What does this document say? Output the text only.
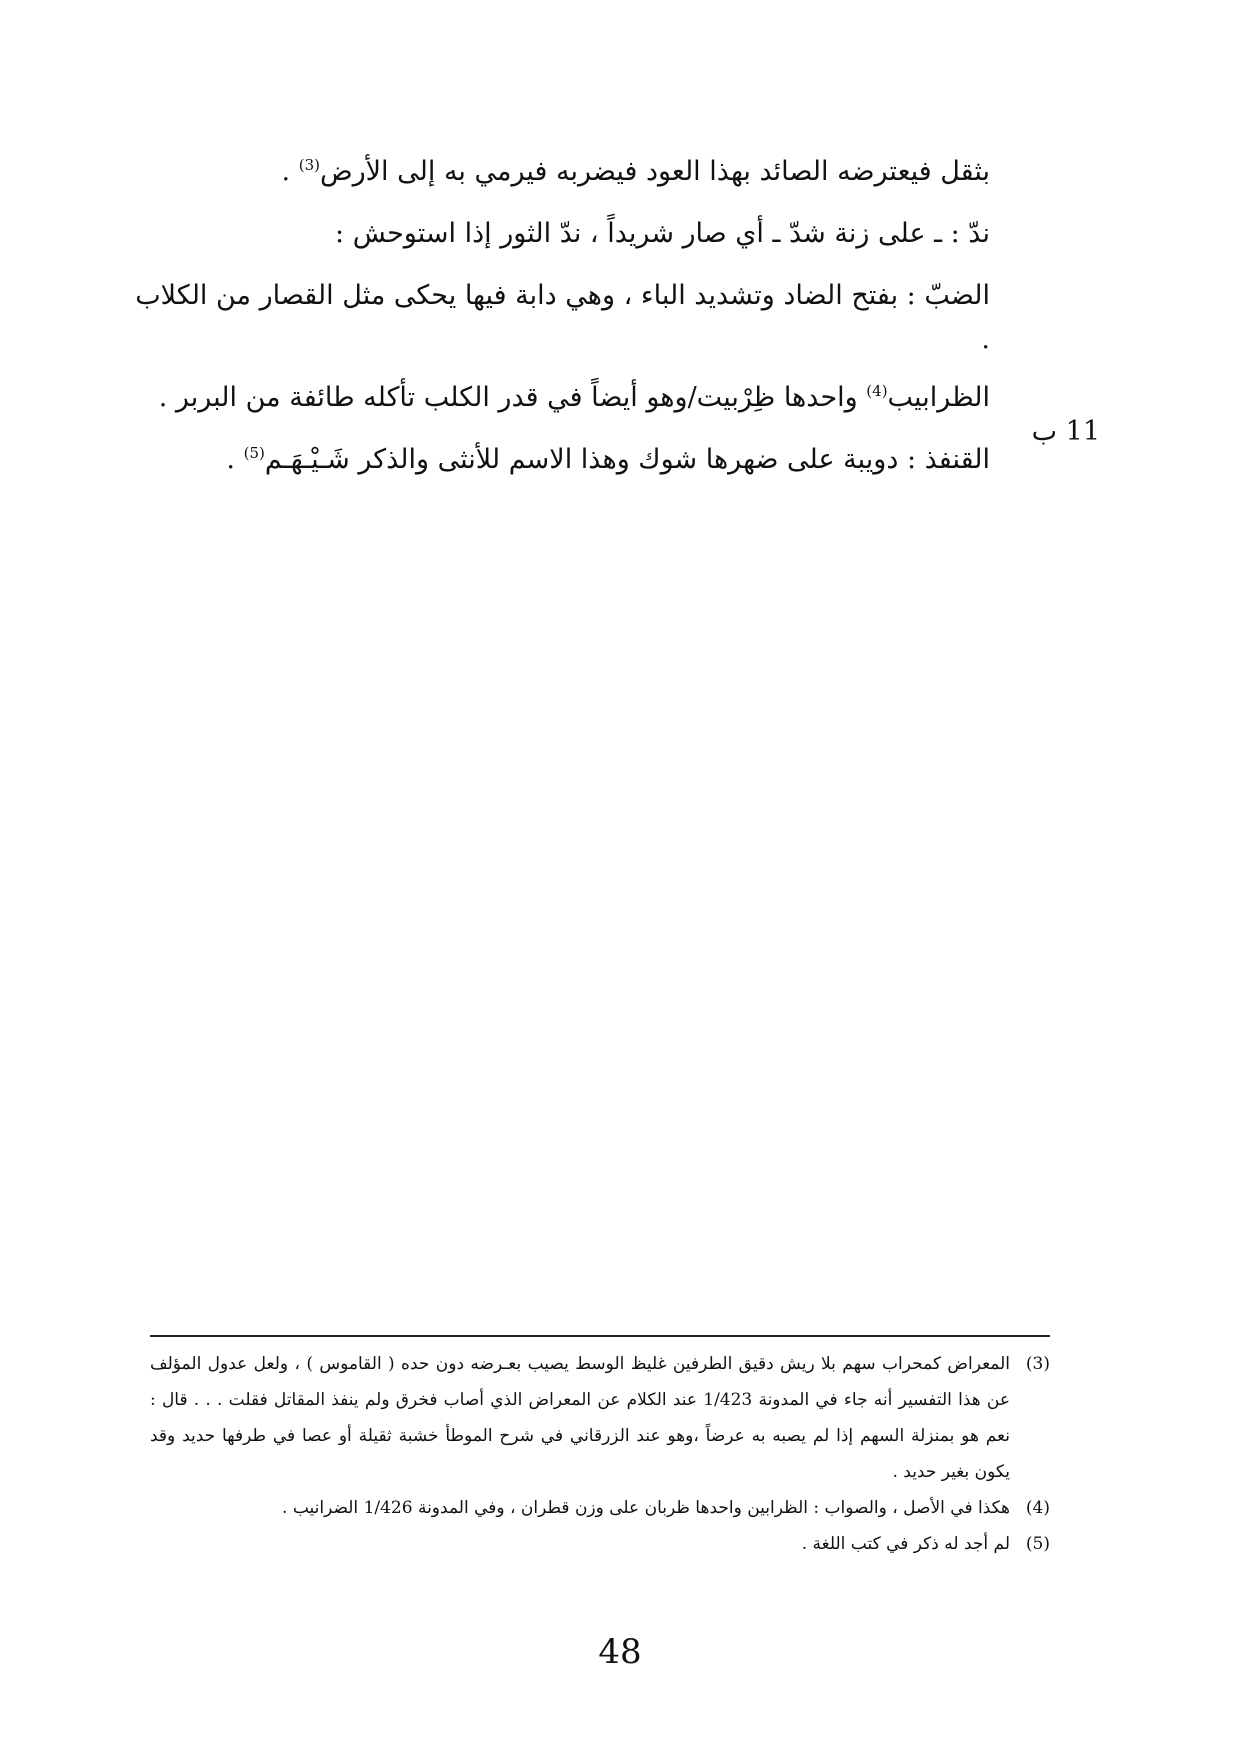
بثقل فيعترضه الصائد بهذا العود فيضربه فيرمي به إلى الأرض$^{(3)}$ .

ندّ : ـ على زنة شدّ ـ أي صار شريداً ، ندّ الثور إذا استوحش :

الضبّ : بفتح الضاد وتشديد الباء ، وهي دابة فيها يحكى مثل القصار من الكلاب .

الظرابيب$^{(4)}$ واحدها ظِرْبيت/وهو أيضاً في قدر الكلب تأكله طائفة من البربر .

القنفذ : دويبة على ضهرها شوك وهذا الاسم للأنثى والذكر شَـيْـهَـم$^{(5)}$ .

11 ب
(3)
المعراض كمحراب سهم بلا ريش دقيق الطرفين غليظ الوسط يصيب بعـرضه دون حده ( القاموس ) ، ولعل عدول المؤلف عن هذا التفسير أنه جاء في المدونة 1/423 عند الكلام عن المعراض الذي أصاب فخرق ولم ينفذ المقاتل فقلت . . . قال : نعم هو بمنزلة السهم إذا لم يصبه به عرضاً ،وهو عند الزرقاني في شرح الموطأ خشبة ثقيلة أو عصا في طرفها حديد وقد يكون بغير حديد .
(4)
هكذا في الأصل ، والصواب : الظرابين واحدها ظربان على وزن قطران ، وفي المدونة 1/426 الضرانيب .
(5)
لم أجد له ذكر في كتب اللغة .
48
